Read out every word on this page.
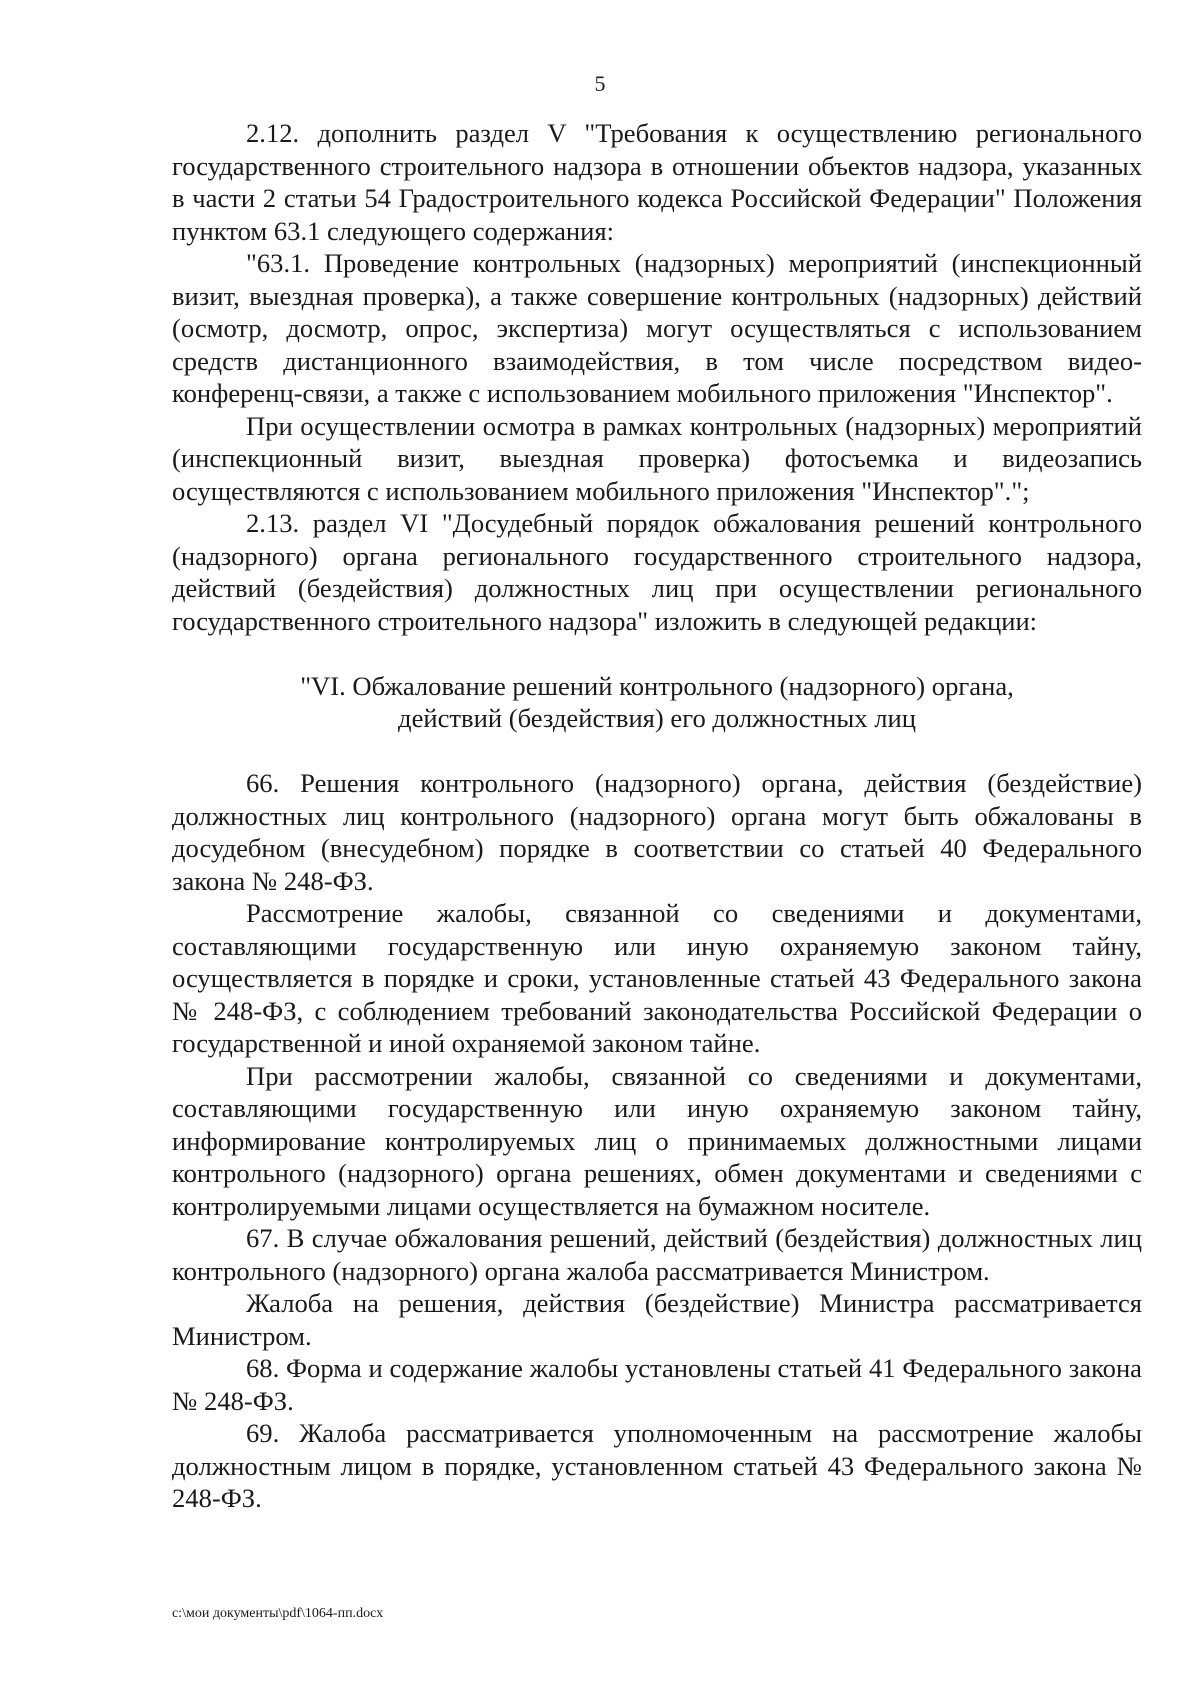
5

2.12. дополнить раздел V "Требования к осуществлению регионального государственного строительного надзора в отношении объектов надзора, указанных в части 2 статьи 54 Градостроительного кодекса Российской Федерации" Положения пунктом 63.1 следующего содержания:

"63.1. Проведение контрольных (надзорных) мероприятий (инспекционный визит, выездная проверка), а также совершение контрольных (надзорных) действий (осмотр, досмотр, опрос, экспертиза) могут осуществляться с использованием средств дистанционного взаимодействия, в том числе посредством видео-конференц-связи, а также с использованием мобильного приложения "Инспектор".

При осуществлении осмотра в рамках контрольных (надзорных) мероприятий (инспекционный визит, выездная проверка) фотосъемка и видеозапись осуществляются с использованием мобильного приложения "Инспектор".";

2.13. раздел VI "Досудебный порядок обжалования решений контрольного (надзорного) органа регионального государственного строительного надзора, действий (бездействия) должностных лиц при осуществлении регионального государственного строительного надзора" изложить в следующей редакции:

"VI. Обжалование решений контрольного (надзорного) органа,
действий (бездействия) его должностных лиц

66. Решения контрольного (надзорного) органа, действия (бездействие) должностных лиц контрольного (надзорного) органа могут быть обжалованы в досудебном (внесудебном) порядке в соответствии со статьей 40 Федерального закона № 248-ФЗ.

Рассмотрение жалобы, связанной со сведениями и документами, составляющими государственную или иную охраняемую законом тайну, осуществляется в порядке и сроки, установленные статьей 43 Федерального закона № 248-ФЗ, с соблюдением требований законодательства Российской Федерации о государственной и иной охраняемой законом тайне.

При рассмотрении жалобы, связанной со сведениями и документами, составляющими государственную или иную охраняемую законом тайну, информирование контролируемых лиц о принимаемых должностными лицами контрольного (надзорного) органа решениях, обмен документами и сведениями с контролируемыми лицами осуществляется на бумажном носителе.

67. В случае обжалования решений, действий (бездействия) должностных лиц контрольного (надзорного) органа жалоба рассматривается Министром.

Жалоба на решения, действия (бездействие) Министра рассматривается Министром.

68. Форма и содержание жалобы установлены статьей 41 Федерального закона № 248-ФЗ.

69. Жалоба рассматривается уполномоченным на рассмотрение жалобы должностным лицом в порядке, установленном статьей 43 Федерального закона № 248-ФЗ.

c:\мои документы\pdf\1064-пп.docx
